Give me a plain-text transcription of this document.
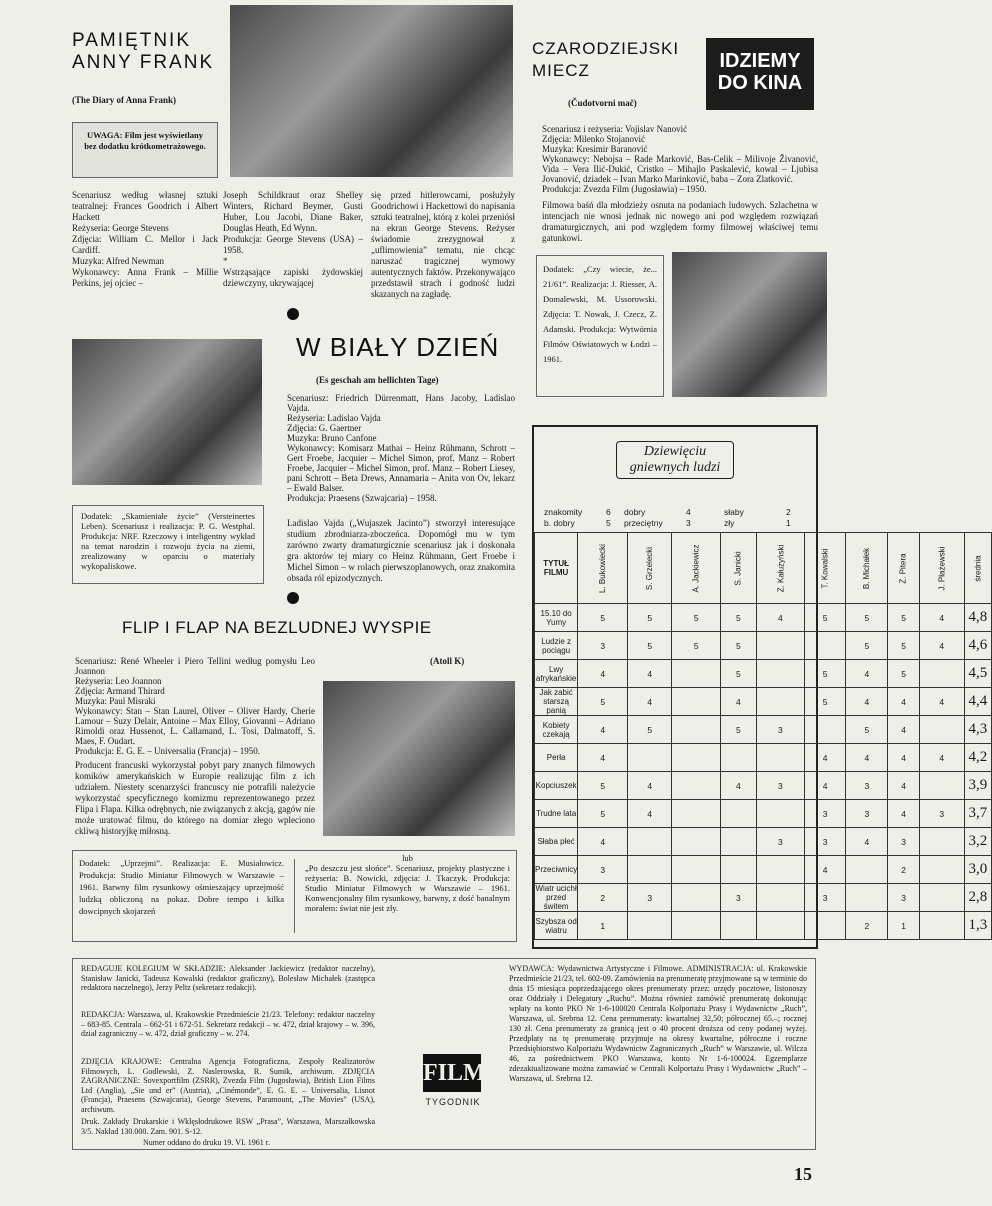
PAMIĘTNIK
ANNY FRANK
(The Diary of Anna Frank)
UWAGA: Film jest wyświetlany bez dodatku krótkometrażowego.
Scenariusz według własnej sztuki teatralnej: Frances Goodrich i Albert Hackett
Reżyseria: George Stevens
Zdjęcia: William C. Mellor i Jack Cardiff.
Muzyka: Alfred Newman
Wykonawcy: Anna Frank – Millie Perkins, jej ojciec –
Joseph Schildkraut oraz Shelley Winters, Richard Beymer, Gusti Huber, Lou Jacobi, Diane Baker, Douglas Heath, Ed Wynn.
Produkcja: George Stevens (USA) – 1958.
*
Wstrząsające zapiski żydowskiej dziewczyny, ukrywającej
się przed hitlerowcami, posłużyły Goodrichowi i Hackettowi do napisania sztuki teatralnej, którą z kolei przeniósł na ekran George Stevens. Reżyser świadomie zrezygnował z „uflimowienia” tematu, nie chcąc naruszać tragicznej wymowy autentycznych faktów. Przekonywająco przedstawił strach i godność ludzi skazanych na zagładę.
CZARODZIEJSKI
MIECZ	IDZIEMY
DO KINA
(Čudotvorni mač)
Scenariusz i reżyseria: Vojislav Nanović
Zdjęcia: Milenko Stojanović
Muzyka: Kresimir Baranović
Wykonawcy: Nebojsa – Rade Marković, Bas-Celik – Milivoje Živanović, Vida – Vera Ilić-Dukić, Cristko – Mihajlo Paskalević, kowal – Ljubisa Jovanović, dziadek – Ivan Marko Marinković, baba – Zora Zlatković.
Produkcja: Zvezda Film (Jugosławia) – 1950.
Filmowa baśń dla młodzieży osnuta na podaniach ludowych. Szlachetna w intencjach nie wnosi jednak nic nowego ani pod względem rozwiązań dramaturgicznych, ani pod względem formy filmowej właściwej temu gatunkowi.
Dodatek: „Czy wiecie, że... 21/61”. Realizacja: J. Riesser, A. Domalewski, M. Ussorowski. Zdjęcia: T. Nowak, J. Czecz, Z. Adamski. Produkcja: Wytwórnia Filmów Oświatowych w Łodzi – 1961.
W BIAŁY DZIEŃ
(Es geschah am hellichten Tage)
Scenariusz: Friedrich Dürrenmatt, Hans Jacoby, Ladislao Vajda.
Reżyseria: Ladislao Vajda
Zdjęcia: G. Gaertner
Muzyka: Bruno Canfone
Wykonawcy: Komisarz Mathai – Heinz Rühmann, Schrott – Gert Froebe, Jacquier – Michel Simon, prof. Manz – Robert Froebe, Jacquier – Michel Simon, prof. Manz – Robert Liesey, pani Schrott – Beta Drews, Annamaria – Anita von Ov, lekarz – Ewald Balser.
Produkcja: Praesens (Szwajcaria) – 1958.
Dodatek: „Skamieniałe życie” (Versteinertes Leben). Scenariusz i realizacja: P. G. Westphal. Produkcja: NRF. Rzeczowy i inteligentny wykład na temat narodzin i rozwoju życia na ziemi, zrealizowany w oparciu o materiały wykopaliskowe.
Ladislao Vajda („Wujaszek Jacinto”) stworzył interesujące studium zbrodniarza-zboczeńca. Dopomógł mu w tym zarówno zwarty dramaturgicznie scenariusz jak i doskonała gra aktorów tej miary co Heinz Rühmann, Gert Froebe i Michel Simon – w rolach pierwszoplanowych, oraz znakomita obsada ról epizodycznych.
FLIP I FLAP NA BEZLUDNEJ WYSPIE
Scenariusz: René Wheeler i Piero Tellini według pomysłu Leo Joannon
Reżyseria: Leo Joannon
Zdjęcia: Armand Thirard
Muzyka: Paul Misraki
Wykonawcy: Stan – Stan Laurel, Oliver – Oliver Hardy, Cherie Lamour – Suzy Delair, Antoine – Max Elloy, Giovanni – Adriano Rimoldi oraz Hussenot, L. Callamand, L. Tosi, Dalmatoff, S. Maes, F. Oudart.
Produkcja: E. G. E. – Universalia (Francja) – 1950.
(Atoll K)
Producent francuski wykorzystał pobyt pary znanych filmowych komików amerykańskich w Europie realizując film z ich udziałem. Niestety scenarzyści francuscy nie potrafili należycie wykorzystać specyficznego komizmu reprezentowanego przez Flipa i Flapa. Kilka odrębnych, nie związanych z akcją, gagów nie może uratować filmu, do którego na domiar złego wpleciono ckliwą historyjkę miłosną.
Dodatek: „Uprzejmi”. Realizacja: E. Musiałowicz. Produkcja: Studio Miniatur Filmowych w Warszawie – 1961. Barwny film rysunkowy ośmieszający uprzejmość ludzką obliczoną na pokaz. Dobre tempo i kilka dowcipnych skojarzeń
lub
„Po deszczu jest słońce”. Scenariusz, projekty plastyczne i reżyseria: B. Nowicki, zdjęcia: J. Tkaczyk. Produkcja: Studio Miniatur Filmowych w Warszawie – 1961. Konwencjonalny film rysunkowy, barwny, z dość banalnym morałem: świat nie jest zły.
Dziewięciu
gniewnych ludzi
znakomity	6 dobry	4	słaby	2
b. dobry	5 przeciętny	3	zły	1
TYTUŁ FILMU	L. Bukowiecki	S. Grzelecki	A. Jackiewicz	S. Janicki	Z. Kałużyński	T. Kowalski	B. Michałek	Z. Pitera	J. Płażewski	średnia
15.10 do Yumy	5	5	5	5	4	5	5	5	4	4,8
Ludzie z pociągu	3	5	5	5			5	5	4	4,6
Lwy afrykańskie	4	4		5		5	4	5		4,5
Jak zabić starszą panią	5	4		4		5	4	4	4	4,4
Kobiety czekają	4	5		5	3		5	4		4,3
Perła	4					4	4	4	4	4,2
Kopciuszek	5	4		4	3	4	3	4		3,9
Trudne lata	5	4				3	3	4	3	3,7
Słaba płeć	4				3	3	4	3		3,2
Przeciwnicy	3					4		2		3,0
Wiatr ucichł przed świtem	2	3		3		3		3		2,8
Szybsza od wiatru	1						2	1		1,3
REDAGUJE KOLEGIUM W SKŁADZIE: Aleksander Jackiewicz (redaktor naczelny), Stanisław Janicki, Tadeusz Kowalski (redaktor graficzny), Bolesław Michałek (zastępca redaktora naczelnego), Jerzy Peltz (sekretarz redakcji).
REDAKCJA: Warszawa, ul. Krakowskie Przedmieście 21/23. Telefony: redaktor naczelny – 683-85. Centrala – 662-51 i 672-51. Sekretarz redakcji – w. 472, dział krajowy – w. 396, dział zagraniczny – w. 472, dział graficzny – w. 274.
ZDJĘCIA KRAJOWE: Centralna Agencja Fotograficzna, Zespoły Realizatorów Filmowych, L. Godlewski, Z. Naslerowska, R. Sumik, archiwum. ZDJĘCIA ZAGRANICZNE: Sovexportfilm (ZSRR), Zvezda Film (Jugosławia), British Lion Films Ltd (Anglia), „Sie und er” (Austria), „Cinémonde”, E. G. E. – Universalia, Lisnot (Francja), Praesens (Szwajcaria), George Stevens, Paramount, „The Movies” (USA), archiwum.
Druk. Zakłady Drukarskie i Wklęsłodrukowe RSW „Prasa”, Warszawa, Marszałkowska 3/5. Nakład 130.000. Zam. 901. S-12.
Numer oddano do druku 19. VI. 1961 r.
FILM
TYGODNIK
WYDAWCA: Wydawnictwa Artystyczne i Filmowe. ADMINISTRACJA: ul. Krakowskie Przedmieście 21/23, tel. 602-09. Zamówienia na prenumeratę przyjmowane są w terminie do dnia 15 miesiąca poprzedzającego okres prenumeraty przez: urzędy pocztowe, listonoszy oraz Oddziały i Delegatury „Ruchu”. Można również zamówić prenumeratę dokonując wpłaty na konto PKO Nr 1-6-100020 Centrala Kolportażu Prasy i Wydawnictw „Ruch”, Warszawa, ul. Srebrna 12. Cena prenumeraty: kwartalnej 32,50; półrocznej 65.–; rocznej 130 zł. Cena prenumeraty za granicą jest o 40 procent droższa od ceny podanej wyżej. Przedpłaty na tę prenumeratę przyjmuje na okresy kwartalne, półroczne i roczne Przedsiębiorstwo Kolportażu Wydawnictw Zagranicznych „Ruch” w Warszawie, ul. Wilcza 46, za pośrednictwem PKO Warszawa, konto Nr 1-6-100024. Egzemplarze zdezaktualizowane można zamawiać w Centrali Kolportażu Prasy i Wydawnictw „Ruch” – Warszawa, ul. Srebrna 12.
15
